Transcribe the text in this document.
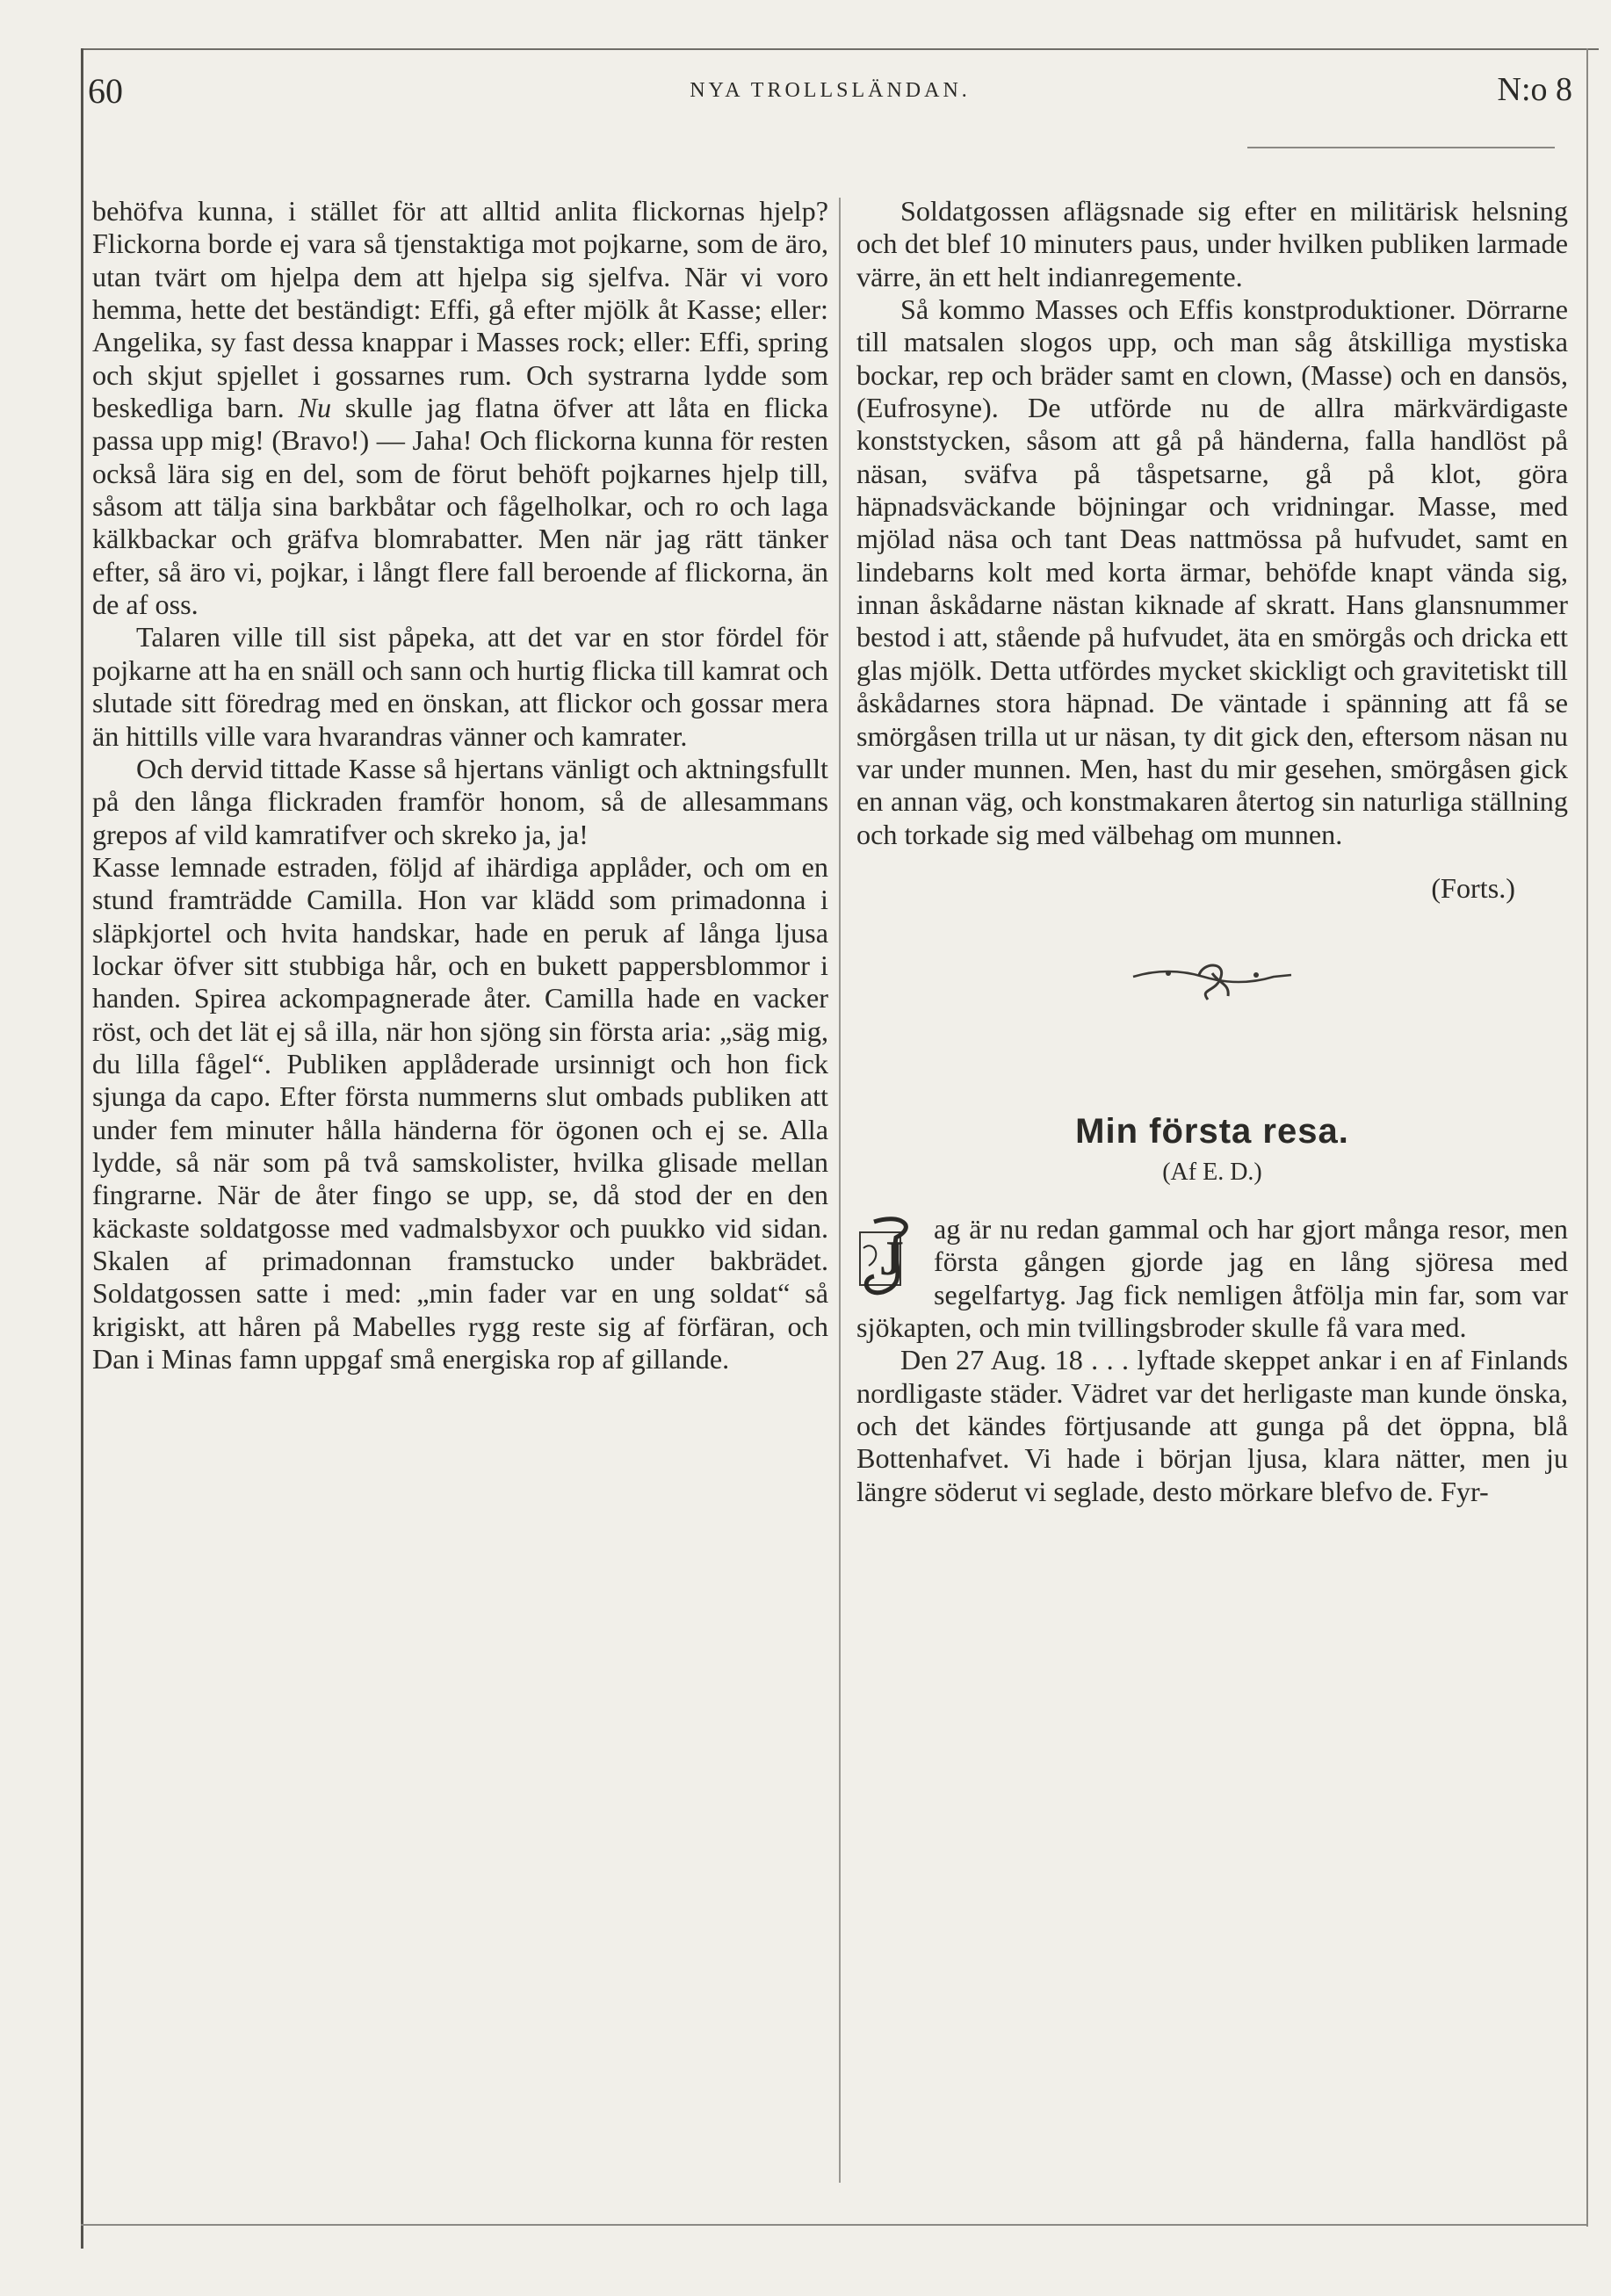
60	NYA TROLLSLÄNDAN.	N:o 8

behöfva kunna, i stället för att alltid anlita flickornas hjelp? Flickorna borde ej vara så tjenstaktiga mot pojkarne, som de äro, utan tvärt om hjelpa dem att hjelpa sig sjelfva. När vi voro hemma, hette det beständigt: Effi, gå efter mjölk åt Kasse; eller: Angelika, sy fast dessa knappar i Masses rock; eller: Effi, spring och skjut spjellet i gossarnes rum. Och systrarna lydde som beskedliga barn. Nu skulle jag flatna öfver att låta en flicka passa upp mig! (Bravo!) — Jaha! Och flickorna kunna för resten också lära sig en del, som de förut behöft pojkarnes hjelp till, såsom att tälja sina barkbåtar och fågelholkar, och ro och laga kälkbackar och gräfva blomrabatter. Men när jag rätt tänker efter, så äro vi, pojkar, i långt flere fall beroende af flickorna, än de af oss.

Talaren ville till sist påpeka, att det var en stor fördel för pojkarne att ha en snäll och sann och hurtig flicka till kamrat och slutade sitt föredrag med en önskan, att flickor och gossar mera än hittills ville vara hvarandras vänner och kamrater.

Och dervid tittade Kasse så hjertans vänligt och aktningsfullt på den långa flickraden framför honom, så de allesammans grepos af vild kamratifver och skreko ja, ja!

Kasse lemnade estraden, följd af ihärdiga applåder, och om en stund framträdde Camilla. Hon var klädd som primadonna i släpkjortel och hvita handskar, hade en peruk af långa ljusa lockar öfver sitt stubbiga hår, och en bukett pappersblommor i handen. Spirea ackompagnerade åter. Camilla hade en vacker röst, och det lät ej så illa, när hon sjöng sin första aria: „säg mig, du lilla fågel“. Publiken applåderade ursinnigt och hon fick sjunga da capo. Efter första nummerns slut ombads publiken att under fem minuter hålla händerna för ögonen och ej se. Alla lydde, så när som på två samskolister, hvilka glisade mellan fingrarne. När de åter fingo se upp, se, då stod der en den käckaste soldatgosse med vadmalsbyxor och puukko vid sidan. Skalen af primadonnan framstucko under bakbrädet. Soldatgossen satte i med: „min fader var en ung soldat“ så krigiskt, att håren på Mabelles rygg reste sig af förfäran, och Dan i Minas famn uppgaf små energiska rop af gillande.

Soldatgossen aflägsnade sig efter en militärisk helsning och det blef 10 minuters paus, under hvilken publiken larmade värre, än ett helt indianregemente.

Så kommo Masses och Effis konstproduktioner. Dörrarne till matsalen slogos upp, och man såg åtskilliga mystiska bockar, rep och bräder samt en clown, (Masse) och en dansös, (Eufrosyne). De utförde nu de allra märkvärdigaste konststycken, såsom att gå på händerna, falla handlöst på näsan, sväfva på tåspetsarne, gå på klot, göra häpnadsväckande böjningar och vridningar. Masse, med mjölad näsa och tant Deas nattmössa på hufvudet, samt en lindebarns kolt med korta ärmar, behöfde knapt vända sig, innan åskådarne nästan kiknade af skratt. Hans glansnummer bestod i att, stående på hufvudet, äta en smörgås och dricka ett glas mjölk. Detta utfördes mycket skickligt och gravitetiskt till åskådarnes stora häpnad. De väntade i spänning att få se smörgåsen trilla ut ur näsan, ty dit gick den, eftersom näsan nu var under munnen. Men, hast du mir gesehen, smörgåsen gick en annan väg, och konstmakaren återtog sin naturliga ställning och torkade sig med välbehag om munnen.

(Forts.)

Min första resa.
(Af E. D.)

J
ag är nu redan gammal och har gjort många resor, men första gången gjorde jag en lång sjöresa med segelfartyg. Jag fick nemligen åtfölja min far, som var sjökapten, och min tvillingsbroder skulle få vara med.

Den 27 Aug. 18 . . . lyftade skeppet ankar i en af Finlands nordligaste städer. Vädret var det herligaste man kunde önska, och det kändes förtjusande att gunga på det öppna, blå Bottenhafvet. Vi hade i början ljusa, klara nätter, men ju längre söderut vi seglade, desto mörkare blefvo de. Fyr-
